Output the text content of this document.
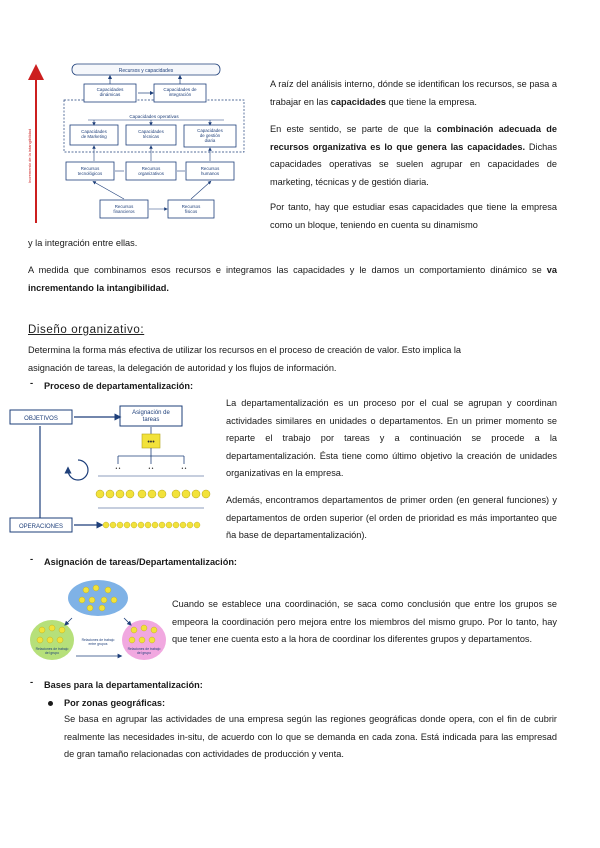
Incremento de la intangibilidad
Recursos y capacidades
Capacidades dinámicas
Capacidades de integración
Capacidades operativas
Capacidades de Marketing
Capacidades técnicas
Capacidades de gestión diaria
Recursos tecnológicos
Recursos organizativos
Recursos humanos
Recursos financieros
Recursos físicos
A raíz del análisis interno, dónde se identifican los recursos, se pasa a trabajar en las capacidades que tiene la empresa.
En este sentido, se parte de que la combinación adecuada de recursos organizativa es lo que genera las capacidades. Dichas capacidades operativas se suelen agrupar en capacidades de marketing, técnicas y de gestión diaria.
Por tanto, hay que estudiar esas capacidades que tiene la empresa como un bloque, teniendo en cuenta su dinamismo
y la integración entre ellas.
A medida que combinamos esos recursos e integramos las capacidades y le damos un comportamiento dinámico se va incrementando la intangibilidad.
Diseño organizativo:
Determina la forma más efectiva de utilizar los recursos en el proceso de creación de valor. Esto implica la
asignación de tareas, la delegación de autoridad y los flujos de información.
- Proceso de departamentalización:
OBJETIVOS
Asignación de tareas
•••
• •	• •	• •
OPERACIONES
La departamentalización es un proceso por el cual se agrupan y coordinan actividades similares en unidades o departamentos. En un primer momento se reparte el trabajo por tareas y a continuación se procede a la departamentalización. Ésta tiene como último objetivo la creación de unidades organizativas en la empresa.
Además, encontramos departamentos de primer orden (en general funciones) y departamentos de orden superior (el orden de prioridad es más importanteo que ña base de departamentalización).
- Asignación de tareas/Departamentalización:
Relaciones de trabajo del grupo
Relaciones de trabajo del grupo
Relaciones de trabajo entre grupos
Cuando se establece una coordinación, se saca como conclusión que entre los grupos se empeora la coordinación pero mejora entre los miembros del mismo grupo. Por lo tanto, hay que tener ene cuenta esto a la hora de coordinar los diferentes grupos y departamentos.
- Bases para la departamentalización:
Por zonas geográficas:
Se basa en agrupar las actividades de una empresa según las regiones geográficas donde opera, con el fin de cubrir realmente las necesidades in-situ, de acuerdo con lo que se demanda en cada zona. Está indicada para las empresad de gran tamaño relacionadas con actividades de producción y venta.
